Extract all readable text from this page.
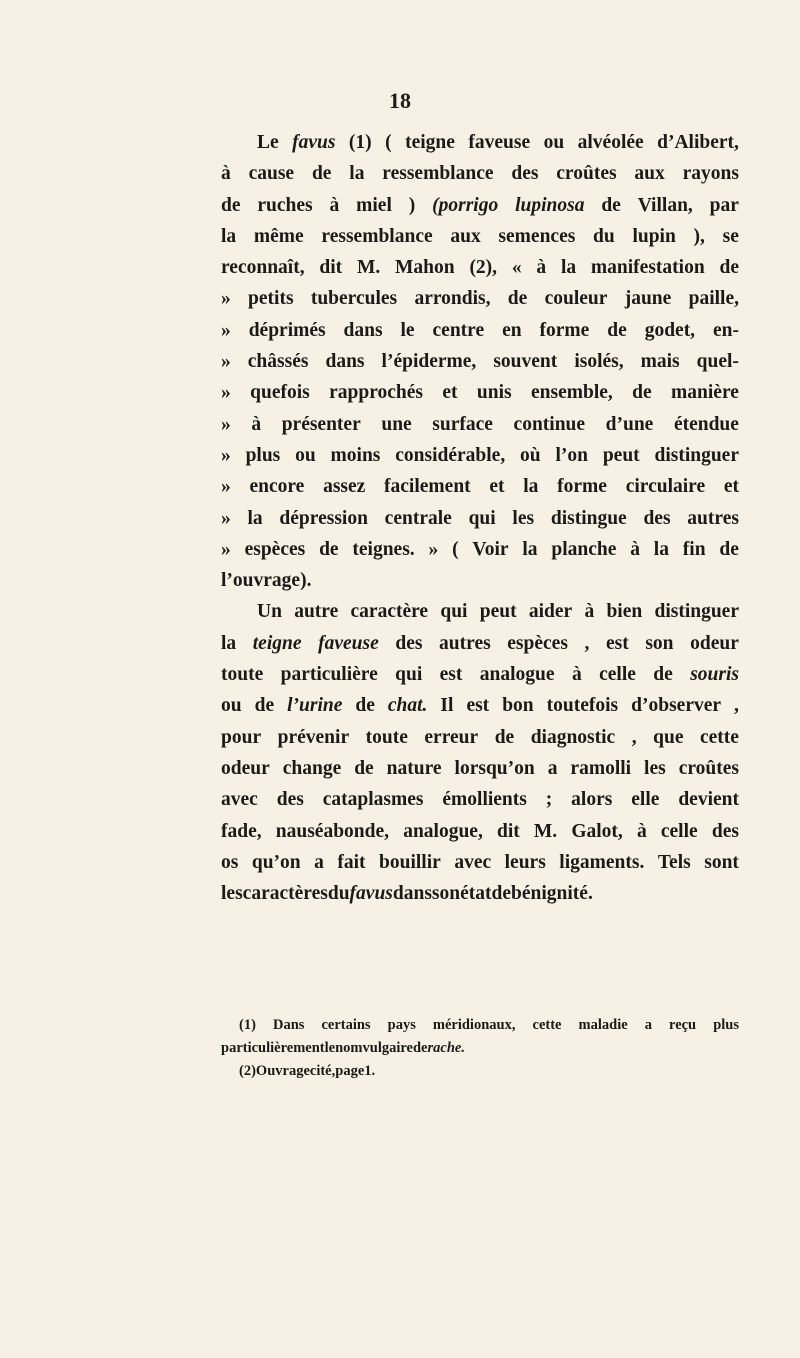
18
Le favus (1) ( teigne faveuse ou alvéolée d’Alibert,
à cause de la ressemblance des croûtes aux rayons
de ruches à miel ) (porrigo lupinosa de Villan, par
la même ressemblance aux semences du lupin ), se
reconnaît, dit M. Mahon (2), « à la manifestation de
» petits tubercules arrondis, de couleur jaune paille,
» déprimés dans le centre en forme de godet, en-
» châssés dans l’épiderme, souvent isolés, mais quel-
» quefois rapprochés et unis ensemble, de manière
» à présenter une surface continue d’une étendue
» plus ou moins considérable, où l’on peut distinguer
» encore assez facilement et la forme circulaire et
» la dépression centrale qui les distingue des autres
» espèces de teignes. » ( Voir la planche à la fin de
l’ouvrage ).
Un autre caractère qui peut aider à bien distinguer
la teigne faveuse des autres espèces , est son odeur
toute particulière qui est analogue à celle de souris
ou de l’urine de chat. Il est bon toutefois d’observer ,
pour prévenir toute erreur de diagnostic , que cette
odeur change de nature lorsqu’on a ramolli les croûtes
avec des cataplasmes émollients ; alors elle devient
fade, nauséabonde, analogue, dit M. Galot, à celle des
os qu’on a fait bouillir avec leurs ligaments. Tels sont
les caractères du favus dans son état de bénignité.
(1) Dans certains pays méridionaux, cette maladie a reçu plus
particulièrement le nom vulgaire de rache.
(2) Ouvrage cité, page 1.
